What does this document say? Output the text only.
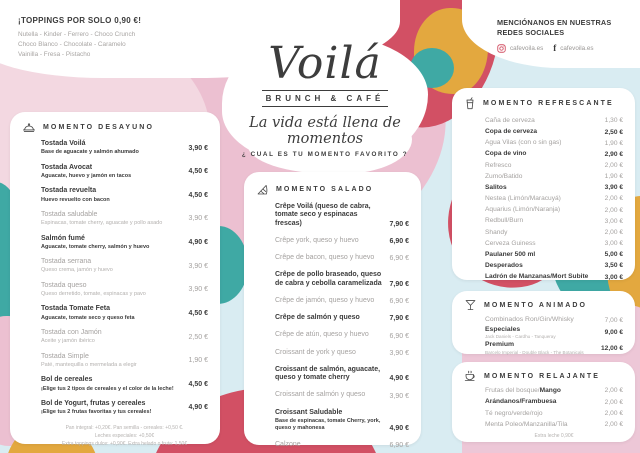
¡TOPPINGS POR SOLO 0,90 €!
Nutella - Kinder - Ferrero - Choco Crunch
Choco Blanco - Chocolate - Caramelo
Vainilla - Fresa - Pistacho
MENCIÓNANOS EN NUESTRAS
REDES SOCIALES
cafevoila.es f cafevoila.es
Voilá
BRUNCH & CAFÉ
La vida está llena de momentos
¿ CUAL ES TU MOMENTO FAVORITO ?
MOMENTO DESAYUNO
Tostada Voilá
Base de aguacate y salmón ahumado
3,90 €
Tostada Avocat
Aguacate, huevo y jamón en tacos
4,50 €
Tostada revuelta
Huevo revuelto con bacon
4,50 €
Tostada saludable
Espinacas, tomate cherry, aguacate y pollo asado
3,90 €
Salmón fumé
Aguacate, tomate cherry, salmón y huevo
4,90 €
Tostada serrana
Queso crema, jamón y huevo
3,90 €
Tostada queso
Queso derretido, tomate, espinacas y pavo
3,90 €
Tostada Tomate Feta
Aguacate, tomate seco y queso feta
4,50 €
Tostada con Jamón
Aceite y jamón ibérico
2,50 €
Tostada Simple
Paté, mantequilla o mermelada a elegir
1,90 €
Bol de cereales
¡Elige tus 2 tipos de cereales y el color de la leche!
4,50 €
Bol de Yogurt, frutas y cereales
¡Elige tus 2 frutas favoritas y tus cereales!
4,90 €
Pan integral: +0,20€. Pan semilla - cereales: +0,50 €.
Leches especiales: +0,50€
Extra toppings dulce: +0,90€. Extra helado o fruta: 1,50€
MOMENTO SALADO
Crêpe Voilá (queso de cabra, tomate seco y espinacas frescas)	7,90 €
Crêpe york, queso y huevo	6,90 €
Crêpe de bacon, queso y huevo	6,90 €
Crêpe de pollo braseado, queso de cabra y cebolla caramelizada	7,90 €
Crêpe de jamón, queso y huevo	6,90 €
Crêpe de salmón y queso	7,90 €
Crêpe de atún, queso y huevo	6,90 €
Croissant de york y queso	3,90 €
Croissant de salmón, aguacate, queso y tomate cherry	4,90 €
Croissant de salmón y queso	3,90 €
Croissant Saludable
Base de espinacas, tomate Cherry, york, queso y mahonesa	4,90 €
Calzone	6,90 €
MOMENTO REFRESCANTE
Caña de cerveza	1,30 €
Copa de cerveza	2,50 €
Agua Vilas (con o sin gas)	1,90 €
Copa de vino	2,90 €
Refresco	2,00 €
Zumo/Batido	1,90 €
Salitos	3,90 €
Nestea (Limón/Maracuyá)	2,00 €
Aquarius (Limón/Naranja)	2,00 €
Redbull/Burn	3,00 €
Shandy	2,00 €
Cerveza Guiness	3,00 €
Paulaner 500 ml	5,00 €
Desperados	3,50 €
Ladrón de Manzanas/Mort Subite	3,00 €
MOMENTO ANIMADO
Combinados Ron/Gin/Whisky	7,00 €
Especiales
Jack Daniels - Cardhu - Tanqueray
9,00 €
Premium
Barcelo Imperial - Double Black - The Botanicals
12,00 €
MOMENTO RELAJANTE
Frutas del bosque/Mango	2,00 €
Arándanos/Frambuesa	2,00 €
Té negro/verde/rojo	2,00 €
Menta Poleo/Manzanilla/Tila	2,00 €
Extra leche 0,90€
